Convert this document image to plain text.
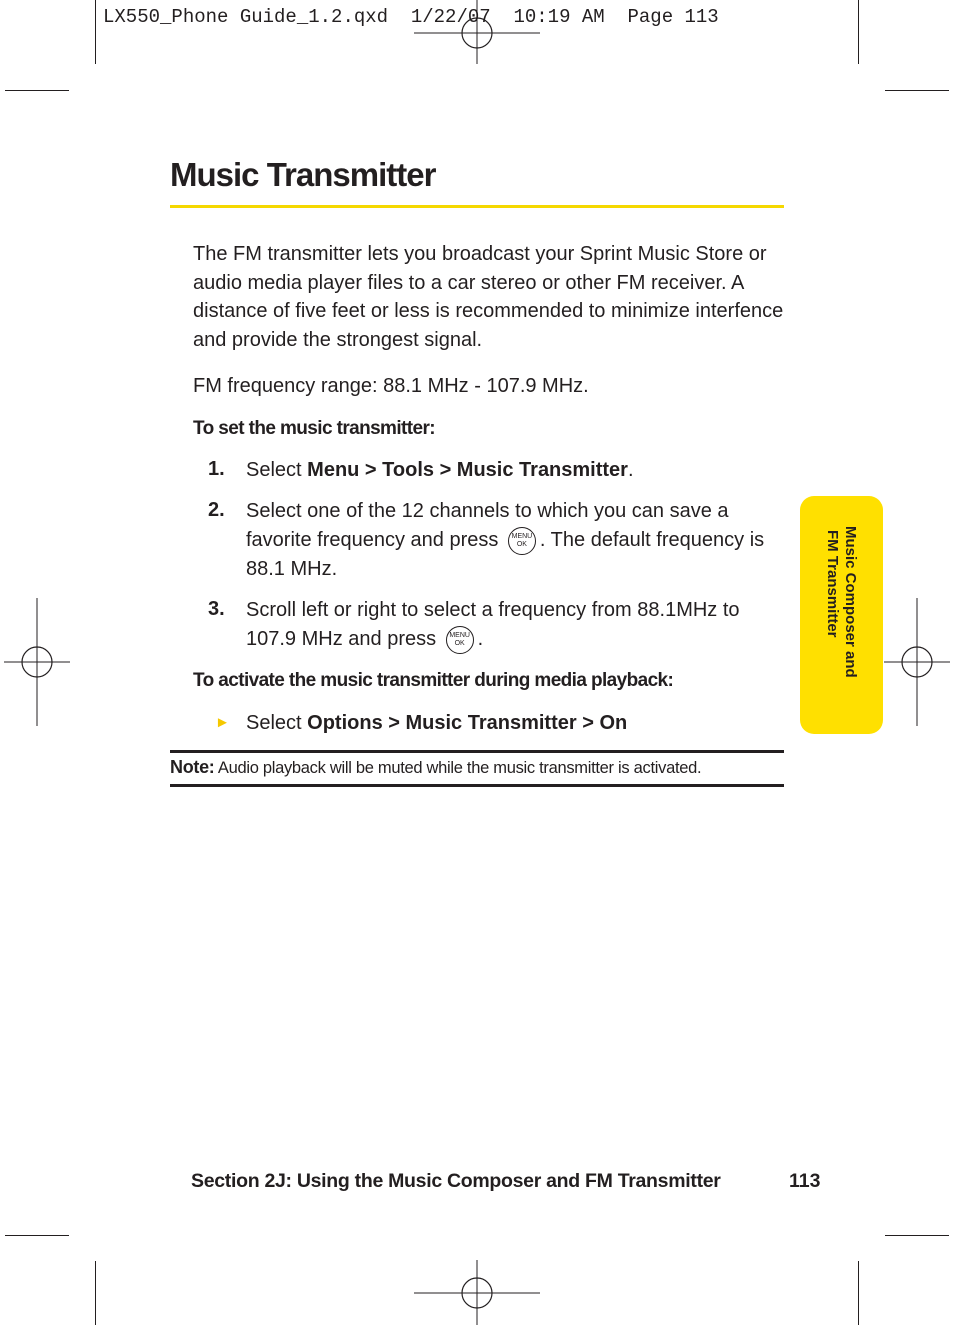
LX550_Phone Guide_1.2.qxd  1/22/07  10:19 AM  Page 113
Music Transmitter
The FM transmitter lets you broadcast your Sprint Music Store or audio media player files to a car stereo or other FM receiver. A distance of five feet or less is recommended to minimize interfence and provide the strongest signal.
FM frequency range: 88.1 MHz - 107.9 MHz.
To set the music transmitter:
1. Select Menu > Tools > Music Transmitter.
2. Select one of the 12 channels to which you can save a favorite frequency and press MENU
OK . The default frequency is 88.1 MHz.
3. Scroll left or right to select a frequency from 88.1MHz to 107.9 MHz and press MENU
OK .
To activate the music transmitter during media playback:
► Select Options > Music Transmitter > On
Note: Audio playback will be muted while the music transmitter is activated.
Music Composer and
FM Transmitter
Section 2J: Using the Music Composer and FM Transmitter	113
